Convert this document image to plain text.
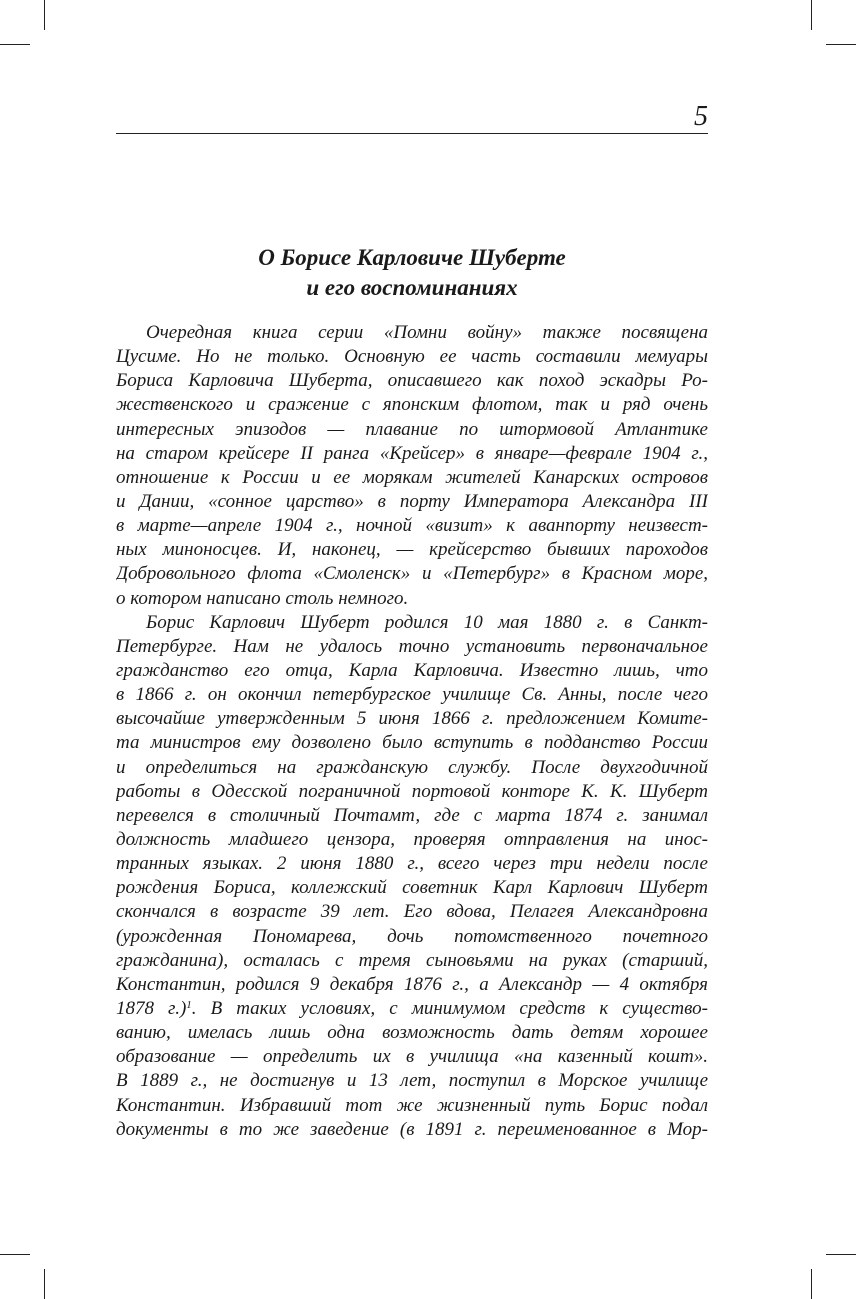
5
О Борисе Карловиче Шуберте
и его воспоминаниях
Очередная книга серии «Помни войну» также посвящена
Цусиме. Но не только. Основную ее часть составили мемуары
Бориса Карловича Шуберта, описавшего как поход эскадры Ро-
жественского и сражение с японским флотом, так и ряд очень
интересных эпизодов — плавание по штормовой Атлантике
на старом крейсере II ранга «Крейсер» в январе—феврале 1904 г.,
отношение к России и ее морякам жителей Канарских островов
и Дании, «сонное царство» в порту Императора Александра III
в марте—апреле 1904 г., ночной «визит» к аванпорту неизвест-
ных миноносцев. И, наконец, — крейсерство бывших пароходов
Добровольного флота «Смоленск» и «Петербург» в Красном море,
о котором написано столь немного.
Борис Карлович Шуберт родился 10 мая 1880 г. в Санкт-
Петербурге. Нам не удалось точно установить первоначальное
гражданство его отца, Карла Карловича. Известно лишь, что
в 1866 г. он окончил петербургское училище Св. Анны, после чего
высочайше утвержденным 5 июня 1866 г. предложением Комите-
та министров ему дозволено было вступить в подданство России
и определиться на гражданскую службу. После двухгодичной
работы в Одесской пограничной портовой конторе К. К. Шуберт
перевелся в столичный Почтамт, где с марта 1874 г. занимал
должность младшего цензора, проверяя отправления на инос-
транных языках. 2 июня 1880 г., всего через три недели после
рождения Бориса, коллежский советник Карл Карлович Шуберт
скончался в возрасте 39 лет. Его вдова, Пелагея Александровна
(урожденная Пономарева, дочь потомственного почетного
гражданина), осталась с тремя сыновьями на руках (старший,
Константин, родился 9 декабря 1876 г., а Александр — 4 октября
1878 г.)$^1$. В таких условиях, с минимумом средств к существо-
ванию, имелась лишь одна возможность дать детям хорошее
образование — определить их в училища «на казенный кошт».
В 1889 г., не достигнув и 13 лет, поступил в Морское училище
Константин. Избравший тот же жизненный путь Борис подал
документы в то же заведение (в 1891 г. переименованное в Мор-
